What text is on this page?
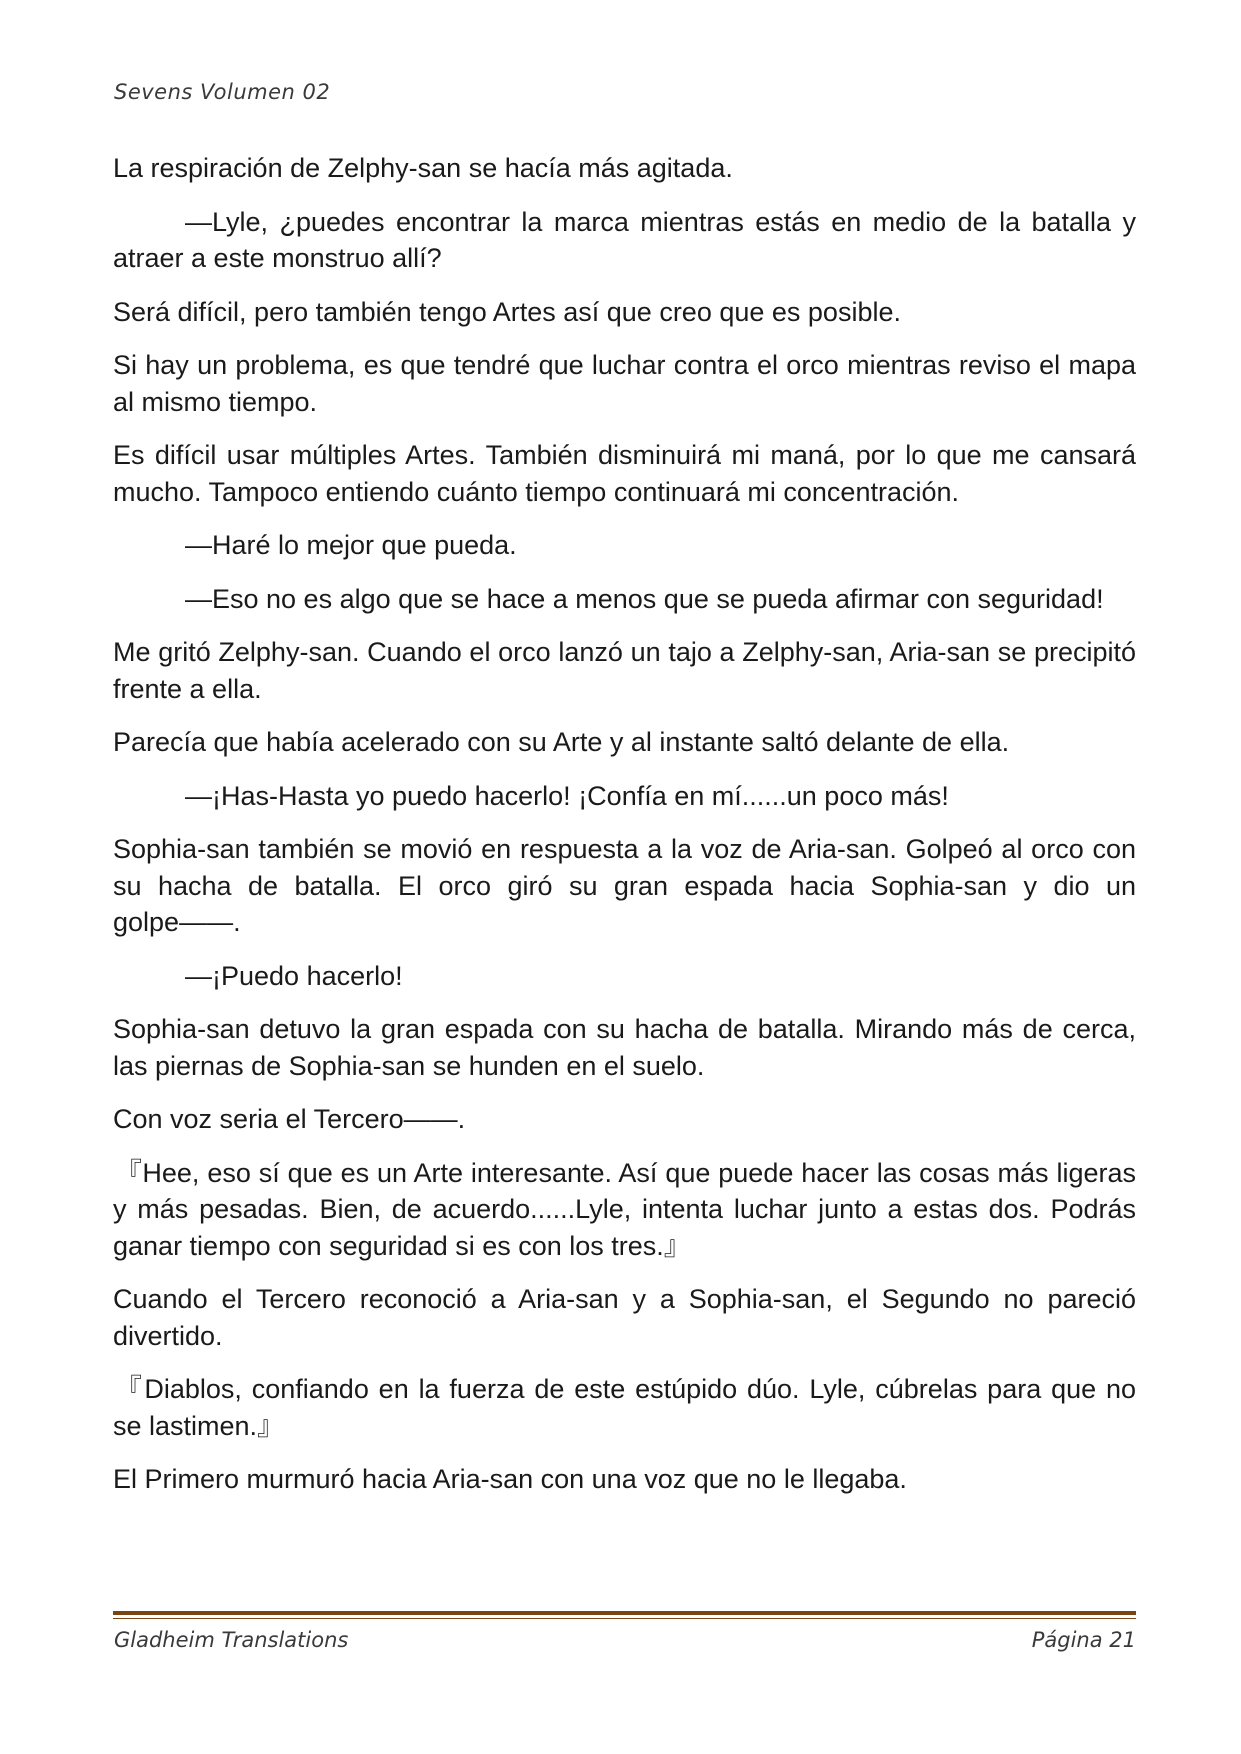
Sevens Volumen 02

La respiración de Zelphy-san se hacía más agitada.

—Lyle, ¿puedes encontrar la marca mientras estás en medio de la batalla y atraer a este monstruo allí?

Será difícil, pero también tengo Artes así que creo que es posible.

Si hay un problema, es que tendré que luchar contra el orco mientras reviso el mapa al mismo tiempo.

Es difícil usar múltiples Artes. También disminuirá mi maná, por lo que me cansará mucho. Tampoco entiendo cuánto tiempo continuará mi concentración.

—Haré lo mejor que pueda.

—Eso no es algo que se hace a menos que se pueda afirmar con seguridad!

Me gritó Zelphy-san. Cuando el orco lanzó un tajo a Zelphy-san, Aria-san se precipitó frente a ella.

Parecía que había acelerado con su Arte y al instante saltó delante de ella.

—¡Has-Hasta yo puedo hacerlo! ¡Confía en mí......un poco más!

Sophia-san también se movió en respuesta a la voz de Aria-san. Golpeó al orco con su hacha de batalla. El orco giró su gran espada hacia Sophia-san y dio un golpe――.

—¡Puedo hacerlo!

Sophia-san detuvo la gran espada con su hacha de batalla. Mirando más de cerca, las piernas de Sophia-san se hunden en el suelo.

Con voz seria el Tercero――.

『Hee, eso sí que es un Arte interesante. Así que puede hacer las cosas más ligeras y más pesadas. Bien, de acuerdo......Lyle, intenta luchar junto a estas dos. Podrás ganar tiempo con seguridad si es con los tres.』

Cuando el Tercero reconoció a Aria-san y a Sophia-san, el Segundo no pareció divertido.

『Diablos, confiando en la fuerza de este estúpido dúo. Lyle, cúbrelas para que no se lastimen.』

El Primero murmuró hacia Aria-san con una voz que no le llegaba.

Gladheim Translations	Página 21
